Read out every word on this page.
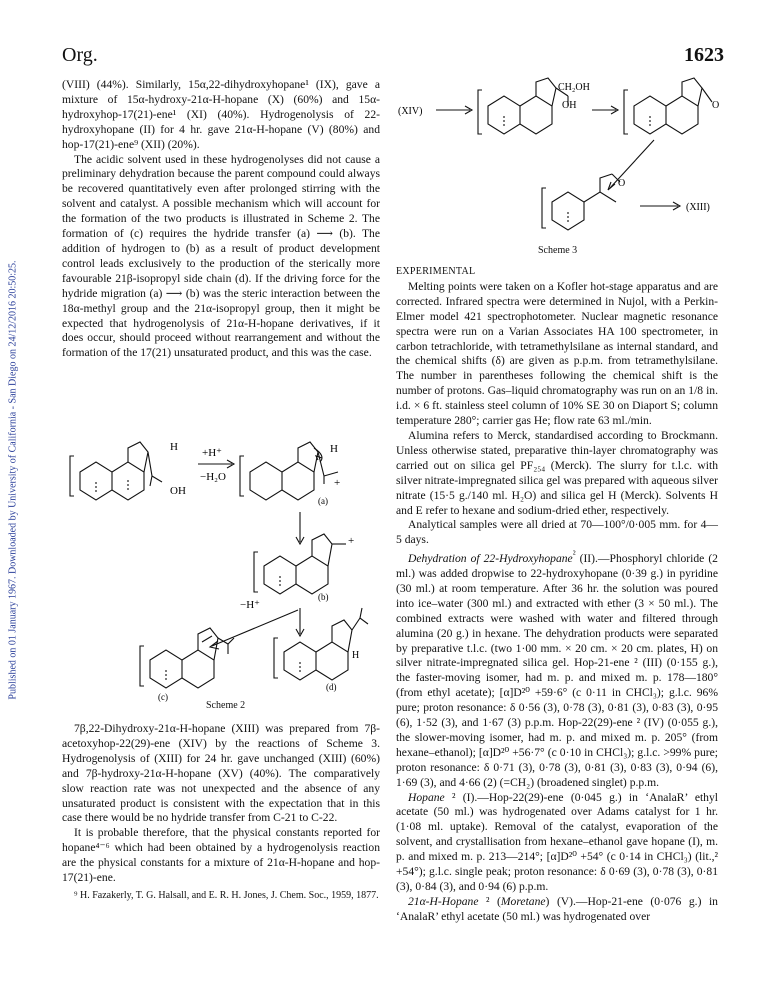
Org.	1623
Published on 01 January 1967. Downloaded by University of California - San Diego on 24/12/2016 20:50:25.

(VIII) (44%). Similarly, 15α,22-dihydroxyhopane¹ (IX), gave a mixture of 15α-hydroxy-21α-H-hopane (X) (60%) and 15α-hydroxyhop-17(21)-ene¹ (XI) (40%). Hydrogenolysis of 22-hydroxyhopane (II) for 4 hr. gave 21α-H-hopane (V) (80%) and hop-17(21)-ene⁹ (XII) (20%).

The acidic solvent used in these hydrogenolyses did not cause a preliminary dehydration because the parent compound could always be recovered quantitatively even after prolonged stirring with the solvent and catalyst. A possible mechanism which will account for the formation of the two products is illustrated in Scheme 2. The formation of (c) requires the hydride transfer (a) ⟶ (b). The addition of hydrogen to (b) as a result of product development control leads exclusively to the production of the sterically more favourable 21β-isopropyl side chain (d). If the driving force for the hydride migration (a) ⟶ (b) was the steric interaction between the 18α-methyl group and the 21α-isopropyl group, then it might be expected that hydrogenolysis of 21α-H-hopane derivatives, if it does occur, should proceed without rearrangement and without the formation of the 17(21) unsaturated product, and this was the case.

H
OH
+H⁺
−H₂O
H
+
(a)
+
(b)
−H⁺
H
(c)
(d)
Scheme 2

7β,22-Dihydroxy-21α-H-hopane (XIII) was prepared from 7β-acetoxyhop-22(29)-ene (XIV) by the reactions of Scheme 3. Hydrogenolysis of (XIII) for 24 hr. gave unchanged (XIII) (60%) and 7β-hydroxy-21α-H-hopane (XV) (40%). The comparatively slow reaction rate was not unexpected and the absence of any unsaturated product is consistent with the expectation that in this case there would be no hydride transfer from C-21 to C-22.

It is probable therefore, that the physical constants reported for hopane⁴⁻⁶ which had been obtained by a hydrogenolysis reaction are the physical constants for a mixture of 21α-H-hopane and hop-17(21)-ene.

⁹ H. Fazakerly, T. G. Halsall, and E. R. H. Jones, J. Chem. Soc., 1959, 1877.

(XIV)
CH₂OH
OH	O
O
(XIII)
Scheme 3

EXPERIMENTAL

Melting points were taken on a Kofler hot-stage apparatus and are corrected. Infrared spectra were determined in Nujol, with a Perkin-Elmer model 421 spectrophotometer. Nuclear magnetic resonance spectra were run on a Varian Associates HA 100 spectrometer, in carbon tetrachloride, with tetramethylsilane as internal standard, and the chemical shifts (δ) are given as p.p.m. from tetramethylsilane. The number in parentheses following the chemical shift is the number of protons. Gas–liquid chromatography was run on an 1/8 in. i.d. × 6 ft. stainless steel column of 10% SE 30 on Diaport S; column temperature 280°; carrier gas He; flow rate 63 ml./min.

Alumina refers to Merck, standardised according to Brockmann. Unless otherwise stated, preparative thin-layer chromatography was carried out on silica gel PF₂₅₄ (Merck). The slurry for t.l.c. with silver nitrate-impregnated silica gel was prepared with aqueous silver nitrate (15·5 g./140 ml. H₂O) and silica gel H (Merck). Solvents H and E refer to hexane and sodium-dried ether, respectively.

Analytical samples were all dried at 70—100°/0·005 mm. for 4—5 days.

Dehydration of 22-Hydroxyhopane$^{^2}$ (II).—Phosphoryl chloride (2 ml.) was added dropwise to 22-hydroxyhopane (0·39 g.) in pyridine (30 ml.) at room temperature. After 36 hr. the solution was poured into ice–water (300 ml.) and extracted with ether (3 × 50 ml.). The combined extracts were washed with water and filtered through alumina (20 g.) in hexane. The dehydration products were separated by preparative t.l.c. (two 1·00 mm. × 20 cm. × 20 cm. plates, H) on silver nitrate-impregnated silica gel. Hop-21-ene ² (III) (0·155 g.), the faster-moving isomer, had m. p. and mixed m. p. 178—180° (from ethyl acetate); [α]D²⁰ +59·6° (c 0·11 in CHCl₃); g.l.c. 96% pure; proton resonance: δ 0·56 (3), 0·78 (3), 0·81 (3), 0·83 (3), 0·95 (6), 1·52 (3), and 1·67 (3) p.p.m. Hop-22(29)-ene ² (IV) (0·055 g.), the slower-moving isomer, had m. p. and mixed m. p. 205° (from hexane–ethanol); [α]D²⁰ +56·7° (c 0·10 in CHCl₃); g.l.c. >99% pure; proton resonance: δ 0·71 (3), 0·78 (3), 0·81 (3), 0·83 (3), 0·94 (6), 1·69 (3), and 4·66 (2) (=CH₂) (broadened singlet) p.p.m.

Hopane ² (I).—Hop-22(29)-ene (0·045 g.) in ‘AnalaR’ ethyl acetate (50 ml.) was hydrogenated over Adams catalyst for 1 hr. (1·08 ml. uptake). Removal of the catalyst, evaporation of the solvent, and crystallisation from hexane–ethanol gave hopane (I), m. p. and mixed m. p. 213—214°; [α]D²⁰ +54° (c 0·14 in CHCl₃) (lit.,² +54°); g.l.c. single peak; proton resonance: δ 0·69 (3), 0·78 (3), 0·81 (3), 0·84 (3), and 0·94 (6) p.p.m.

21α-H-Hopane ² (Moretane) (V).—Hop-21-ene (0·076 g.) in ‘AnalaR’ ethyl acetate (50 ml.) was hydrogenated over
